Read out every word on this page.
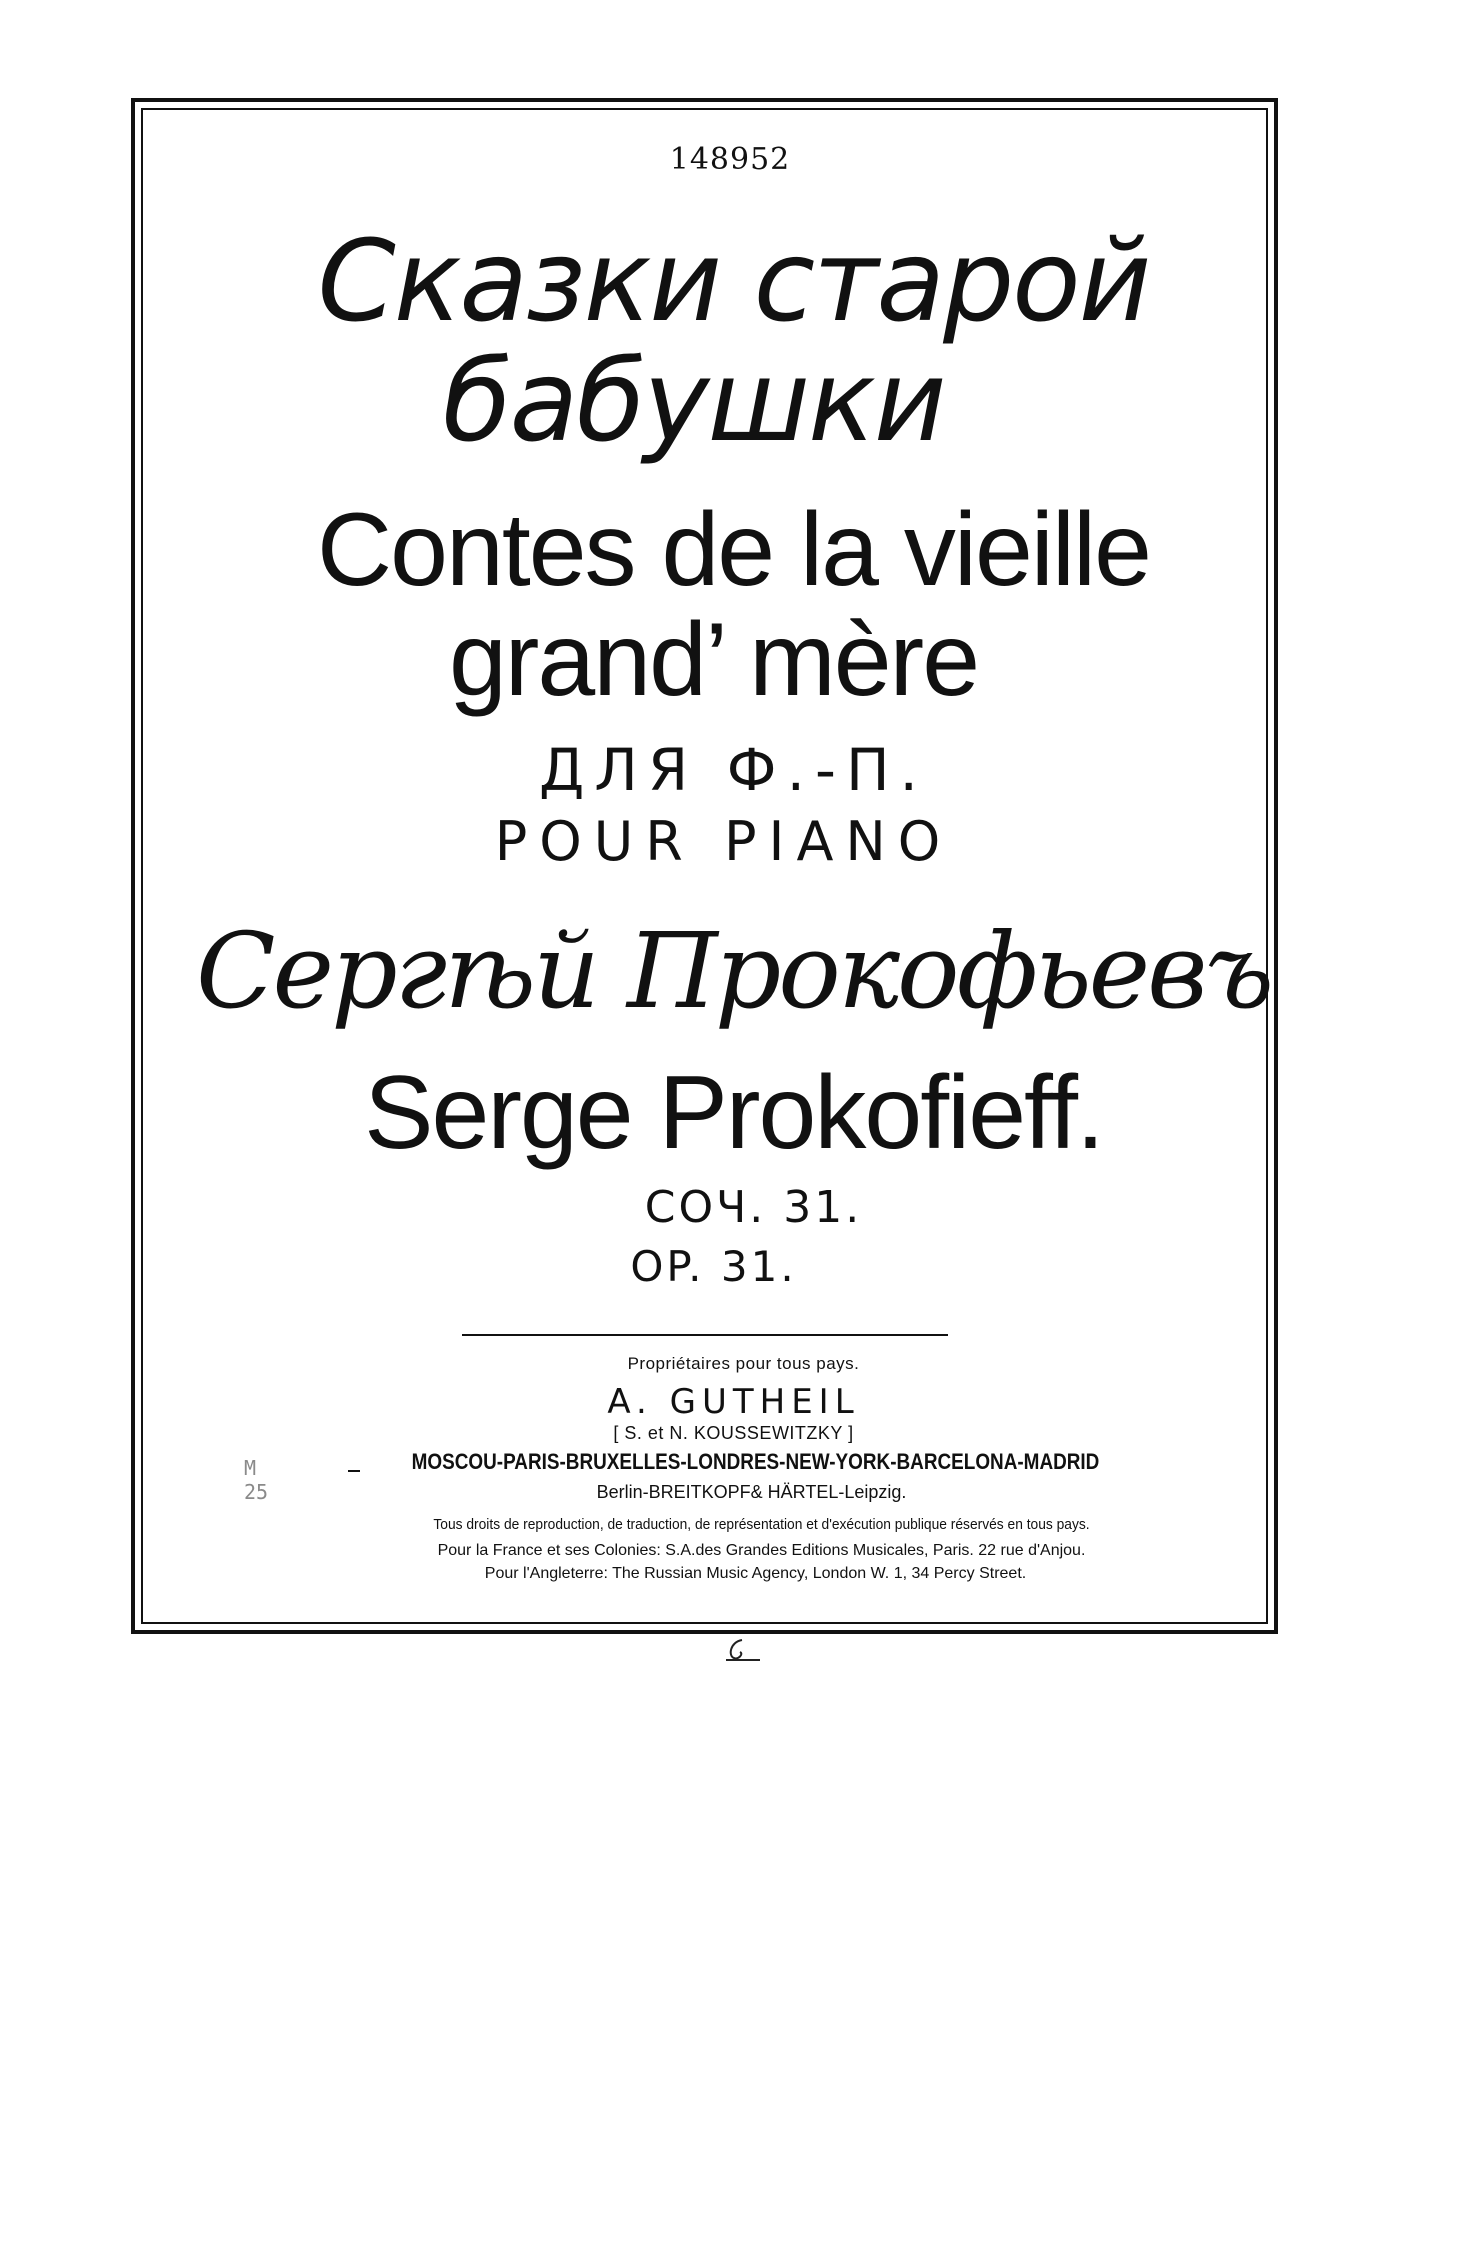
148952
Сказки старой
бабушки
Contes de la vieille
grand’ mère
ДЛЯ Ф.-П.
POUR PIANO
Сергѣй Прокофьевъ
Serge Prokofieff.
СОЧ. 31.
OP. 31.
Propriétaires pour tous pays.
A. GUTHEIL
[ S. et N. KOUSSEWITZKY ]
MOSCOU-PARIS-BRUXELLES-LONDRES-NEW-YORK-BARCELONA-MADRID
Berlin-BREITKOPF& HÄRTEL-Leipzig.
Tous droits de reproduction, de traduction, de représentation et d'exécution publique réservés en tous pays.
Pour la France et ses Colonies: S.A.des Grandes Editions Musicales, Paris. 22 rue d'Anjou.
Pour l'Angleterre: The Russian Music Agency, London W. 1, 34 Percy Street.
M
25
